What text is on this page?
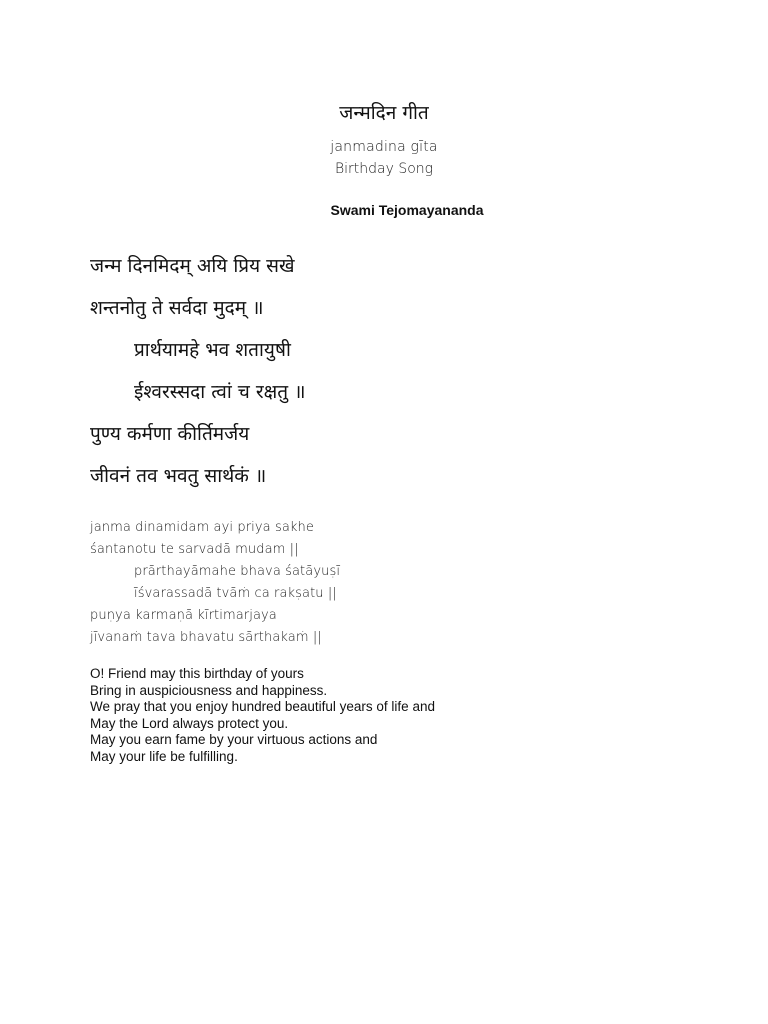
जन्मदिन गीत
janmadina gīta
Birthday Song
Swami Tejomayananda
जन्म दिनमिदम् अयि प्रिय सखे
शन्तनोतु ते सर्वदा मुदम् ॥
प्रार्थयामहे भव शतायुषी
ईश्वरस्सदा त्वां च रक्षतु ॥
पुण्य कर्मणा कीर्तिमर्जय
जीवनं तव भवतु सार्थकं ॥
janma dinamidam ayi priya sakhe
śantanotu te sarvadā mudam ||
prārthayāmahe bhava śatāyuṣī
īśvarassadā tvāṁ ca rakṣatu ||
puṇya karmaṇā kīrtimarjaya
jīvanaṁ tava bhavatu sārthakaṁ ||
O! Friend may this birthday of yours
Bring in auspiciousness and happiness.
We pray that you enjoy hundred beautiful years of life and
May the Lord always protect you.
May you earn fame by your virtuous actions and
May your life be fulfilling.
